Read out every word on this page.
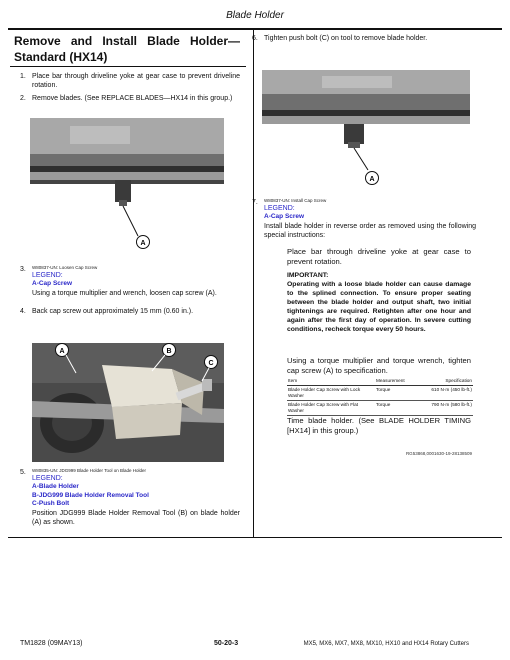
Blade Holder
Remove and Install Blade Holder—Standard (HX14)
1. Place bar through driveline yoke at gear case to prevent driveline rotation.
2. Remove blades. (See REPLACE BLADES—HX14 in this group.)
A
3. W80837-UN: Loosen Cap Screw
LEGEND:
A-Cap Screw
Using a torque multiplier and wrench, loosen cap screw (A).
4. Back cap screw out approximately 15 mm (0.60 in.).
A	B
C
5. W80835-UN: JDG999 Blade Holder Tool on Blade Holder
LEGEND:
A-Blade Holder
B-JDG999 Blade Holder Removal Tool
C-Push Bolt
Position JDG999 Blade Holder Removal Tool (B) on blade holder (A) as shown.
6. Tighten push bolt (C) on tool to remove blade holder.
A
7. W80837-UN: Install Cap Screw
LEGEND:
A-Cap Screw
Install blade holder in reverse order as removed using the following special instructions:
Place bar through driveline yoke at gear case to prevent rotation.
IMPORTANT:
Operating with a loose blade holder can cause damage to the splined connection. To ensure proper seating between the blade holder and output shaft, two initial tightenings are required. Retighten after one hour and again after the first day of operation. In severe cutting conditions, recheck torque every 50 hours.
Using a torque multiplier and torque wrench, tighten cap screw (A) to specification.
Item	Measurement	Specification
Blade Holder Cap Screw with Lock Washer	Torque	610 N·m (450 lb-ft.)
Blade Holder Cap Screw with Flat Washer	Torque	790 N·m (580 lb-ft.)
Time blade holder. (See BLADE HOLDER TIMING [HX14] in this group.)
RG53868,0001630-19-28138509
TM1828 (09MAY13)	50-20-3	MX5, MX6, MX7, MX8, MX10, HX10 and HX14 Rotary Cutters
